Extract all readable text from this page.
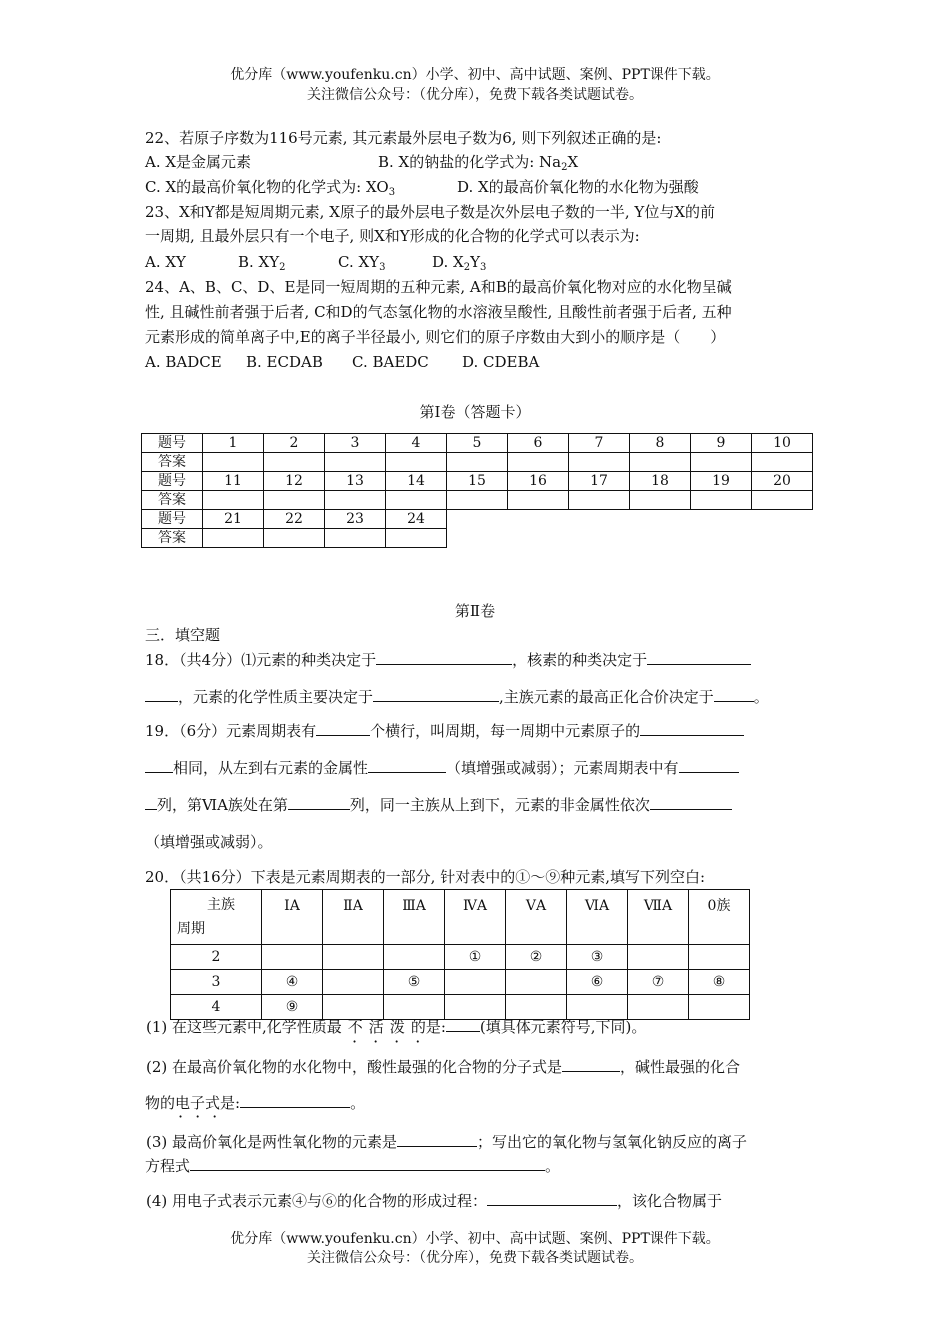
优分库（www.youfenku.cn）小学、初中、高中试题、案例、PPT课件下载。
关注微信公众号：（优分库），免费下载各类试题试卷。
22、若原子序数为116号元素, 其元素最外层电子数为6, 则下列叙述正确的是:
A. X是金属元素	B. X的钠盐的化学式为: $Na_2X$
C. X的最高价氧化物的化学式为: $XO_3$	D. X的最高价氧化物的水化物为强酸
23、X和Y都是短周期元素, X原子的最外层电子数是次外层电子数的一半, Y位与X的前
一周期, 且最外层只有一个电子, 则X和Y形成的化合物的化学式可以表示为:
A. XY	B. $XY_2$	C. $XY_3$	D. $X_2Y_3$
24、A、B、C、D、E是同一短周期的五种元素, A和B的最高价氧化物对应的水化物呈碱
性, 且碱性前者强于后者, C和D的气态氢化物的水溶液呈酸性, 且酸性前者强于后者, 五种
元素形成的简单离子中,E的离子半径最小, 则它们的原子序数由大到小的顺序是（　　）
A. BADCE B. ECDAB C. BAEDC D. CDEBA
第Ⅰ卷（答题卡）
题号	1	2	3	4	5	6	7	8	9	10
答案										
题号	11	12	13	14	15	16	17	18	19	20
答案										
题号	21	22	23	24						
答案										
第Ⅱ卷
三．填空题
18．（共4分）⑴元素的种类决定于	，核素的种类决定于
，元素的化学性质主要决定于	,主族元素的最高正化合价决定于	。
19．（6分）元素周期表有	个横行，叫周期，每一周期中元素原子的
相同，从左到右元素的金属性	（填增强或减弱）；元素周期表中有
列，第ⅥA族处在第	列，同一主族从上到下，元素的非金属性依次
（填增强或减弱）。
20．（共16分）下表是元素周期表的一部分, 针对表中的①～⑨种元素,填写下列空白:
主族
周期	ⅠA	ⅡA	ⅢA	ⅣA	ⅤA	ⅥA	ⅦA	0族
2				①	②	③		
3	④		⑤			⑥	⑦	⑧
4	⑨							
(1) 在这些元素中,化学性质最不活泼的是: (填具体元素符号,下同)。
····
(2) 在最高价氧化物的水化物中，酸性最强的化合物的分子式是	，碱性最强的化合
物的电子式是:	。
···
(3) 最高价氧化是两性氧化物的元素是	；写出它的氧化物与氢氧化钠反应的离子
方程式	。
(4) 用电子式表示元素④与⑥的化合物的形成过程：	，该化合物属于
优分库（www.youfenku.cn）小学、初中、高中试题、案例、PPT课件下载。
关注微信公众号：（优分库），免费下载各类试题试卷。
